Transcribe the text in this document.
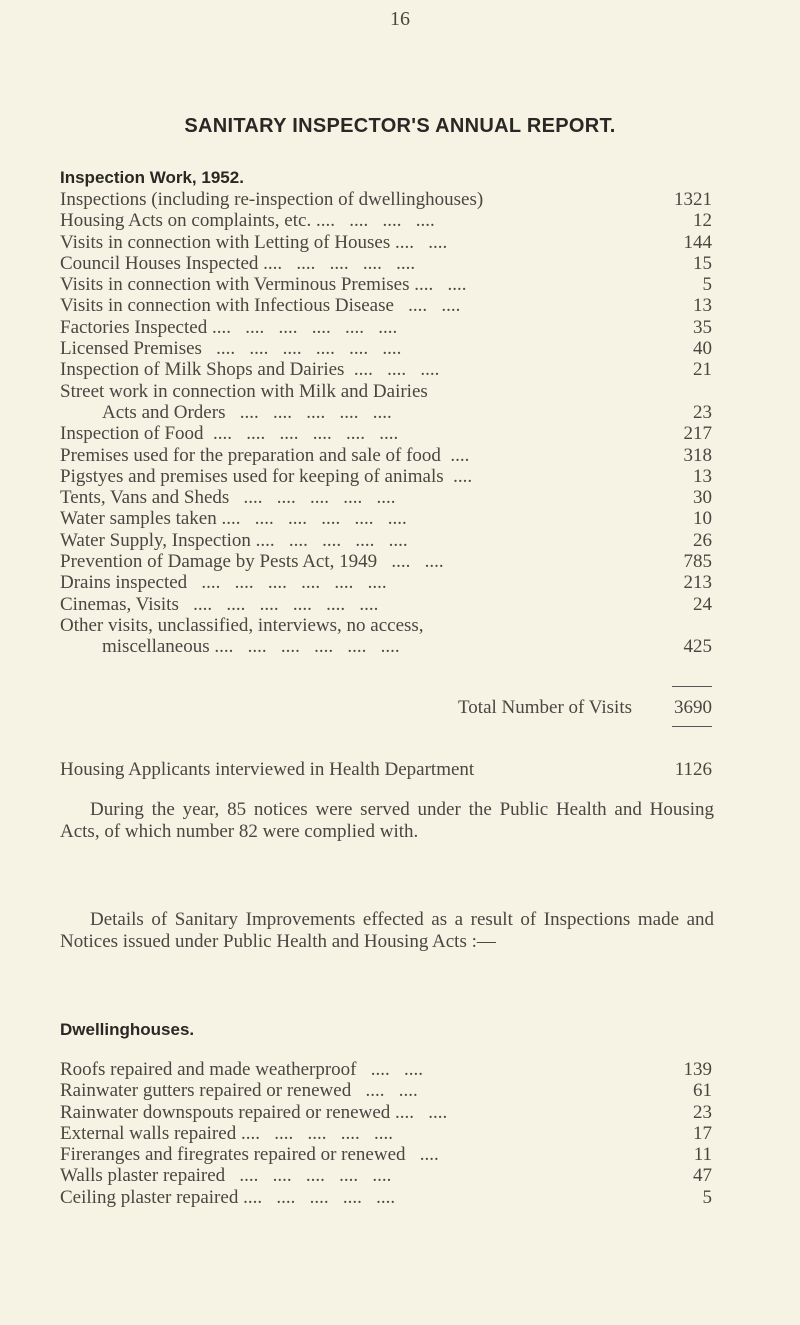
16
SANITARY INSPECTOR'S ANNUAL REPORT.
Inspection Work, 1952.
Inspections (including re-inspection of dwellinghouses)	1321
Housing Acts on complaints, etc. ....   ....   ....   ....	12
Visits in connection with Letting of Houses ....   ....	144
Council Houses Inspected ....   ....   ....   ....   ....	15
Visits in connection with Verminous Premises ....   ....	5
Visits in connection with Infectious Disease   ....   ....	13
Factories Inspected ....   ....   ....   ....   ....   ....	35
Licensed Premises   ....   ....   ....   ....   ....   ....	40
Inspection of Milk Shops and Dairies  ....   ....   ....	21
Street work in connection with Milk and Dairies
Acts and Orders   ....   ....   ....   ....   ....	23
Inspection of Food  ....   ....   ....   ....   ....   ....	217
Premises used for the preparation and sale of food  ....	318
Pigstyes and premises used for keeping of animals  ....	13
Tents, Vans and Sheds   ....   ....   ....   ....   ....	30
Water samples taken ....   ....   ....   ....   ....   ....	10
Water Supply, Inspection ....   ....   ....   ....   ....	26
Prevention of Damage by Pests Act, 1949   ....   ....	785
Drains inspected   ....   ....   ....   ....   ....   ....	213
Cinemas, Visits   ....   ....   ....   ....   ....   ....	24
Other visits, unclassified, interviews, no access,
miscellaneous ....   ....   ....   ....   ....   ....	425
Total Number of Visits 3690
Housing Applicants interviewed in Health Department	1126
During the year, 85 notices were served under the Public Health and Housing Acts, of which number 82 were complied with.
Details of Sanitary Improvements effected as a result of Inspections made and Notices issued under Public Health and Housing Acts :—
Dwellinghouses.
Roofs repaired and made weatherproof   ....   ....	139
Rainwater gutters repaired or renewed   ....   ....	61
Rainwater downspouts repaired or renewed ....   ....	23
External walls repaired ....   ....   ....   ....   ....	17
Fireranges and firegrates repaired or renewed   ....	11
Walls plaster repaired   ....   ....   ....   ....   ....	47
Ceiling plaster repaired ....   ....   ....   ....   ....	5
